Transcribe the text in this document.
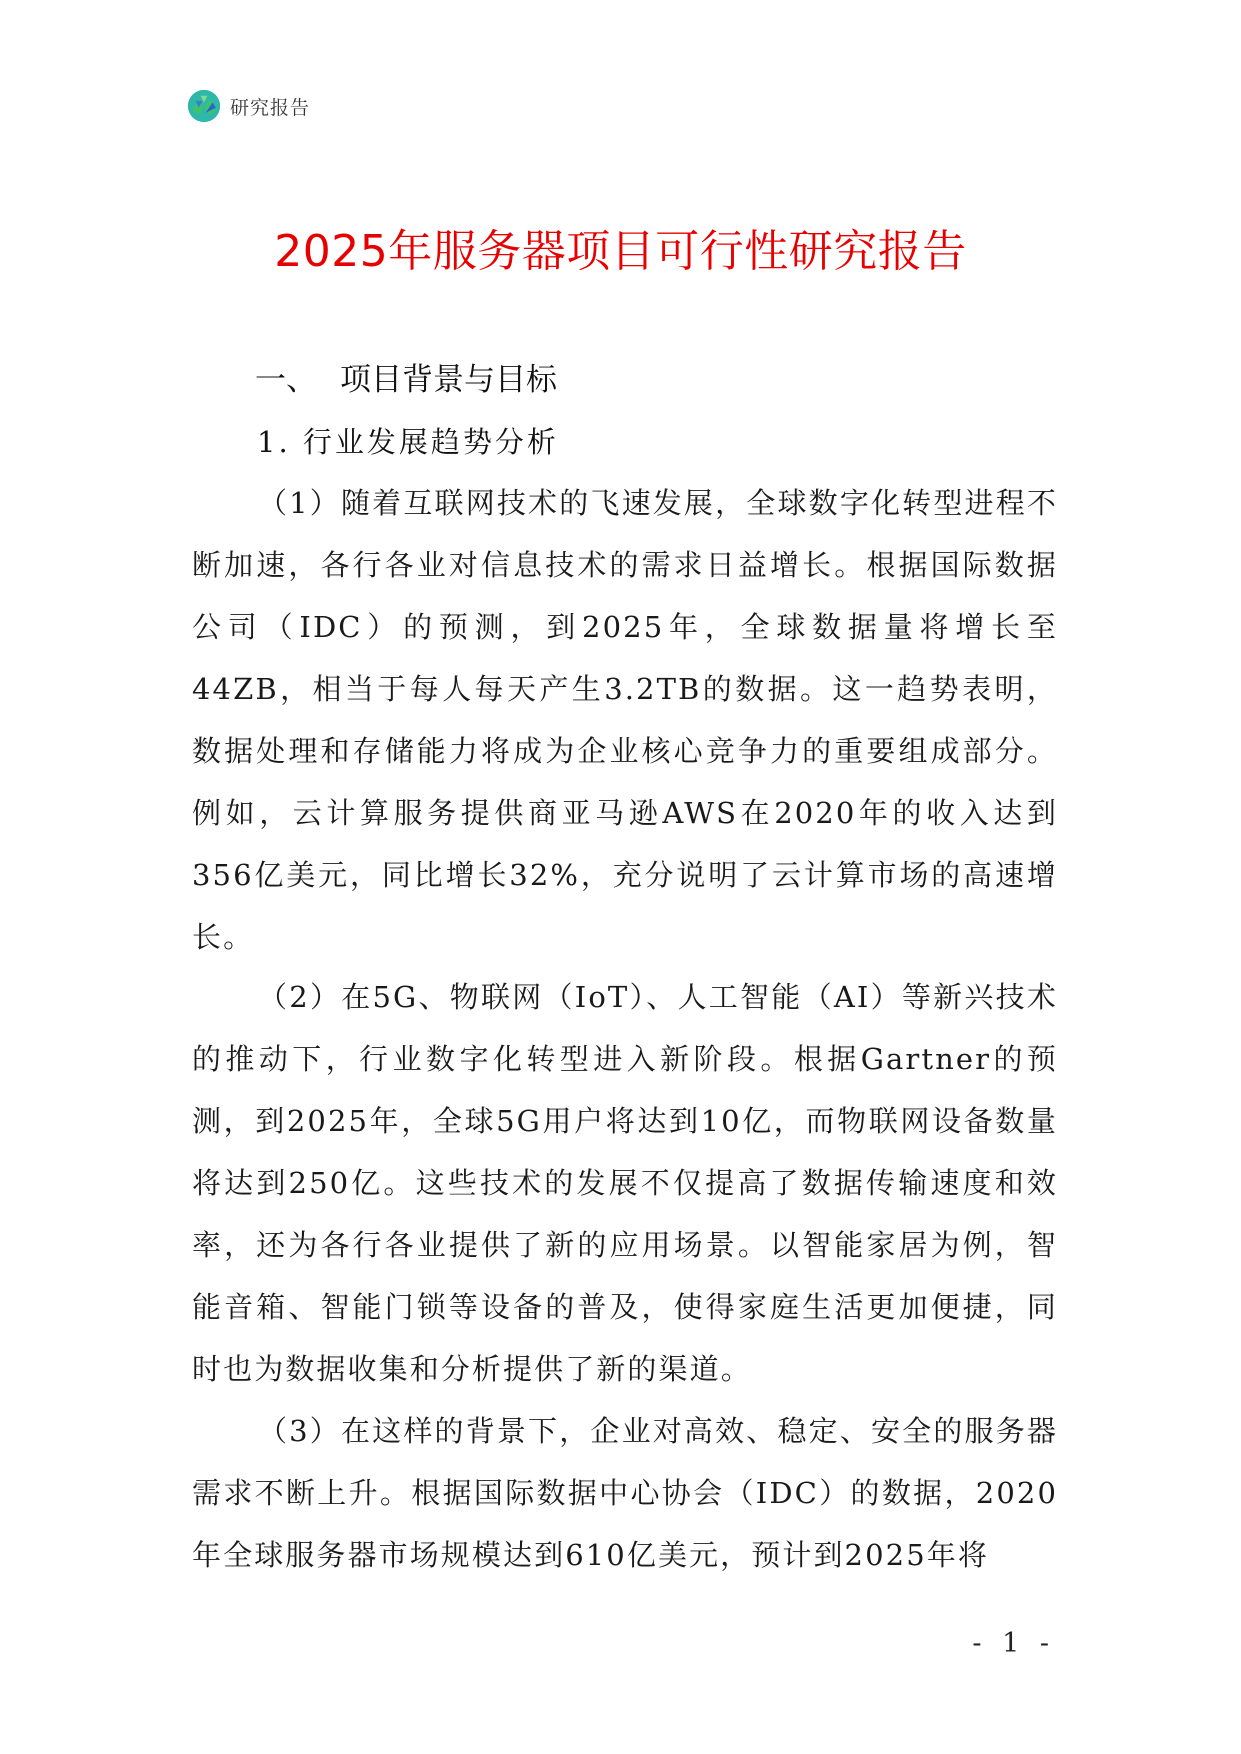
研究报告
2025年服务器项目可行性研究报告
一、 项目背景与目标
1. 行业发展趋势分析

（1）随着互联网技术的飞速发展，全球数字化转型进程不断加速，各行各业对信息技术的需求日益增长。根据国际数据公司（IDC）的预测，到2025年，全球数据量将增长至44ZB，相当于每人每天产生3.2TB的数据。这一趋势表明，数据处理和存储能力将成为企业核心竞争力的重要组成部分。例如，云计算服务提供商亚马逊AWS在2020年的收入达到356亿美元，同比增长32%，充分说明了云计算市场的高速增长。

（2）在5G、物联网（IoT）、人工智能（AI）等新兴技术的推动下，行业数字化转型进入新阶段。根据Gartner的预测，到2025年，全球5G用户将达到10亿，而物联网设备数量将达到250亿。这些技术的发展不仅提高了数据传输速度和效率，还为各行各业提供了新的应用场景。以智能家居为例，智能音箱、智能门锁等设备的普及，使得家庭生活更加便捷，同时也为数据收集和分析提供了新的渠道。

（3）在这样的背景下，企业对高效、稳定、安全的服务器需求不断上升。根据国际数据中心协会（IDC）的数据，2020年全球服务器市场规模达到610亿美元，预计到2025年将

- 1 -
